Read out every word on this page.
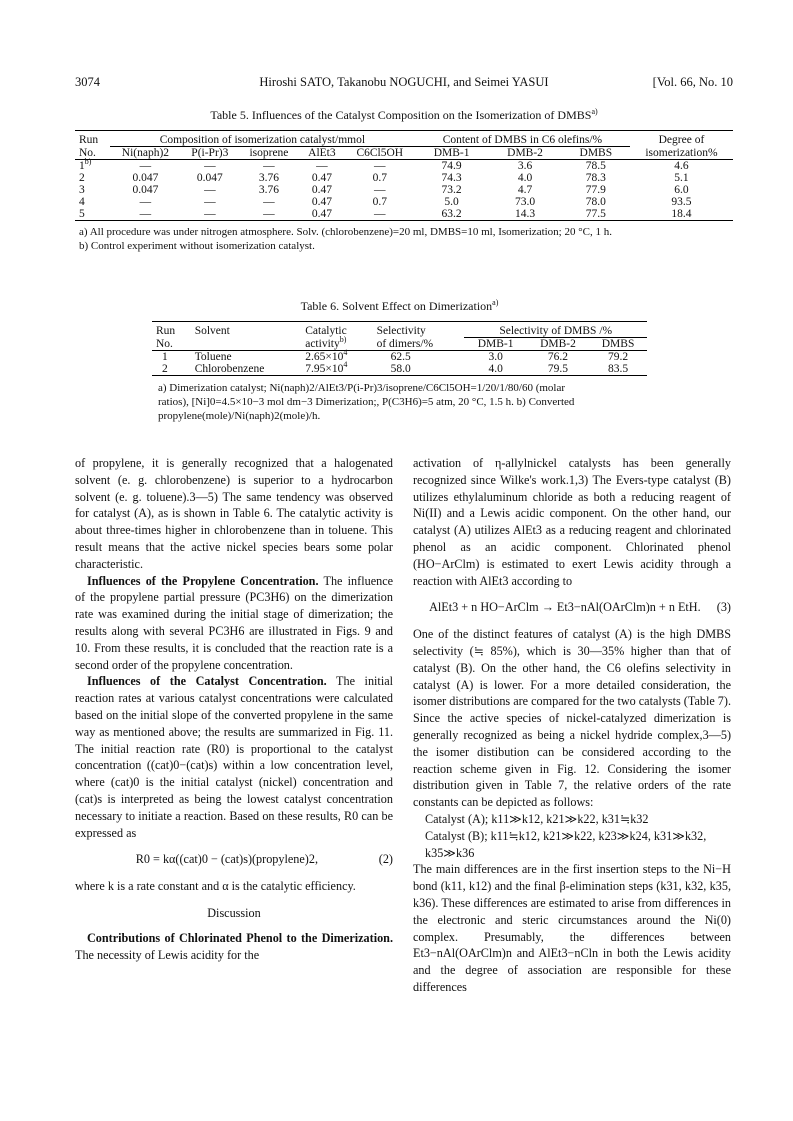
3074	Hiroshi SATO, Takanobu NOGUCHI, and Seimei YASUI	[Vol. 66, No. 10
Table 5. Influences of the Catalyst Composition on the Isomerization of DMBS$^{a)}$
Run	Composition of isomerization catalyst/mmol					Content of DMBS in C6 olefins/%			Degree of
No.	Ni(naph)2	P(i-Pr)3	isoprene	AlEt3	C6Cl5OH	DMB-1	DMB-2	DMBS	isomerization%
1$^{b)}$	—	—	—	—	—	74.9	3.6	78.5	4.6
2	0.047	0.047	3.76	0.47	0.7	74.3	4.0	78.3	5.1
3	0.047	—	3.76	0.47	—	73.2	4.7	77.9	6.0
4	—	—	—	0.47	0.7	5.0	73.0	78.0	93.5
5	—	—	—	0.47	—	63.2	14.3	77.5	18.4
a) All procedure was under nitrogen atmosphere. Solv. (chlorobenzene)=20 ml, DMBS=10 ml, Isomerization; 20 °C, 1 h.
b) Control experiment without isomerization catalyst.
Table 6. Solvent Effect on Dimerization$^{a)}$
Run	Solvent	Catalytic	Selectivity	Selectivity of DMBS /%		
No.		activity$^{b)}$	of dimers/%	DMB-1	DMB-2	DMBS
1	Toluene	$2.65\times 10^4$	62.5	3.0	76.2	79.2
2	Chlorobenzene	$7.95\times 10^4$	58.0	4.0	79.5	83.5
a) Dimerization catalyst; Ni(naph)2/AlEt3/P(i-Pr)3/isoprene/C6Cl5OH=1/20/1/80/60 (molar
ratios), [Ni]0=4.5×10−3 mol dm−3 Dimerization;, P(C3H6)=5 atm, 20 °C, 1.5 h. b) Converted
propylene(mole)/Ni(naph)2(mole)/h.

of propylene, it is generally recognized that a halogenated solvent (e. g. chlorobenzene) is superior to a hydrocarbon solvent (e. g. toluene).3—5) The same tendency was observed for catalyst (A), as is shown in Table 6. The catalytic activity is about three-times higher in chlorobenzene than in toluene. This result means that the active nickel species bears some polar characteristic.

Influences of the Propylene Concentration. The influence of the propylene partial pressure (PC3H6) on the dimerization rate was examined during the initial stage of dimerization; the results along with several PC3H6 are illustrated in Figs. 9 and 10. From these results, it is concluded that the reaction rate is a second order of the propylene concentration.

Influences of the Catalyst Concentration. The initial reaction rates at various catalyst concentrations were calculated based on the initial slope of the converted propylene in the same way as mentioned above; the results are summarized in Fig. 11. The initial reaction rate (R0) is proportional to the catalyst concentration ((cat)0−(cat)s) within a low concentration level, where (cat)0 is the initial catalyst (nickel) concentration and (cat)s is interpreted as being the lowest catalyst concentration necessary to initiate a reaction. Based on these results, R0 can be expressed as

R0 = kα((cat)0 − (cat)s)(propylene)2,	(2)

where k is a rate constant and α is the catalytic efficiency.

Discussion

Contributions of Chlorinated Phenol to the Dimerization. The necessity of Lewis acidity for the

activation of η-allylnickel catalysts has been generally recognized since Wilke's work.1,3) The Evers-type catalyst (B) utilizes ethylaluminum chloride as both a reducing reagent of Ni(II) and a Lewis acidic component. On the other hand, our catalyst (A) utilizes AlEt3 as a reducing reagent and chlorinated phenol as an acidic component. Chlorinated phenol (HO−ArClm) is estimated to exert Lewis acidity through a reaction with AlEt3 according to

AlEt3 + n HO−ArClm → Et3−nAl(OArClm)n + n EtH.	(3)

One of the distinct features of catalyst (A) is the high DMBS selectivity (≒ 85%), which is 30—35% higher than that of catalyst (B). On the other hand, the C6 olefins selectivity in catalyst (A) is lower. For a more detailed consideration, the isomer distributions are compared for the two catalysts (Table 7). Since the active species of nickel-catalyzed dimerization is generally recognized as being a nickel hydride complex,3—5) the isomer distibution can be considered according to the reaction scheme given in Fig. 12. Considering the isomer distribution given in Table 7, the relative orders of the rate constants can be depicted as follows:

Catalyst (A); k11≫k12, k21≫k22, k31≒k32

Catalyst (B); k11≒k12, k21≫k22, k23≫k24, k31≫k32,

k35≫k36

The main differences are in the first insertion steps to the Ni−H bond (k11, k12) and the final β-elimination steps (k31, k32, k35, k36). These differences are estimated to arise from differences in the electronic and steric circumstances around the Ni(0) complex. Presumably, the differences between Et3−nAl(OArClm)n and AlEt3−nCln in both the Lewis acidity and the degree of association are responsible for these differences
